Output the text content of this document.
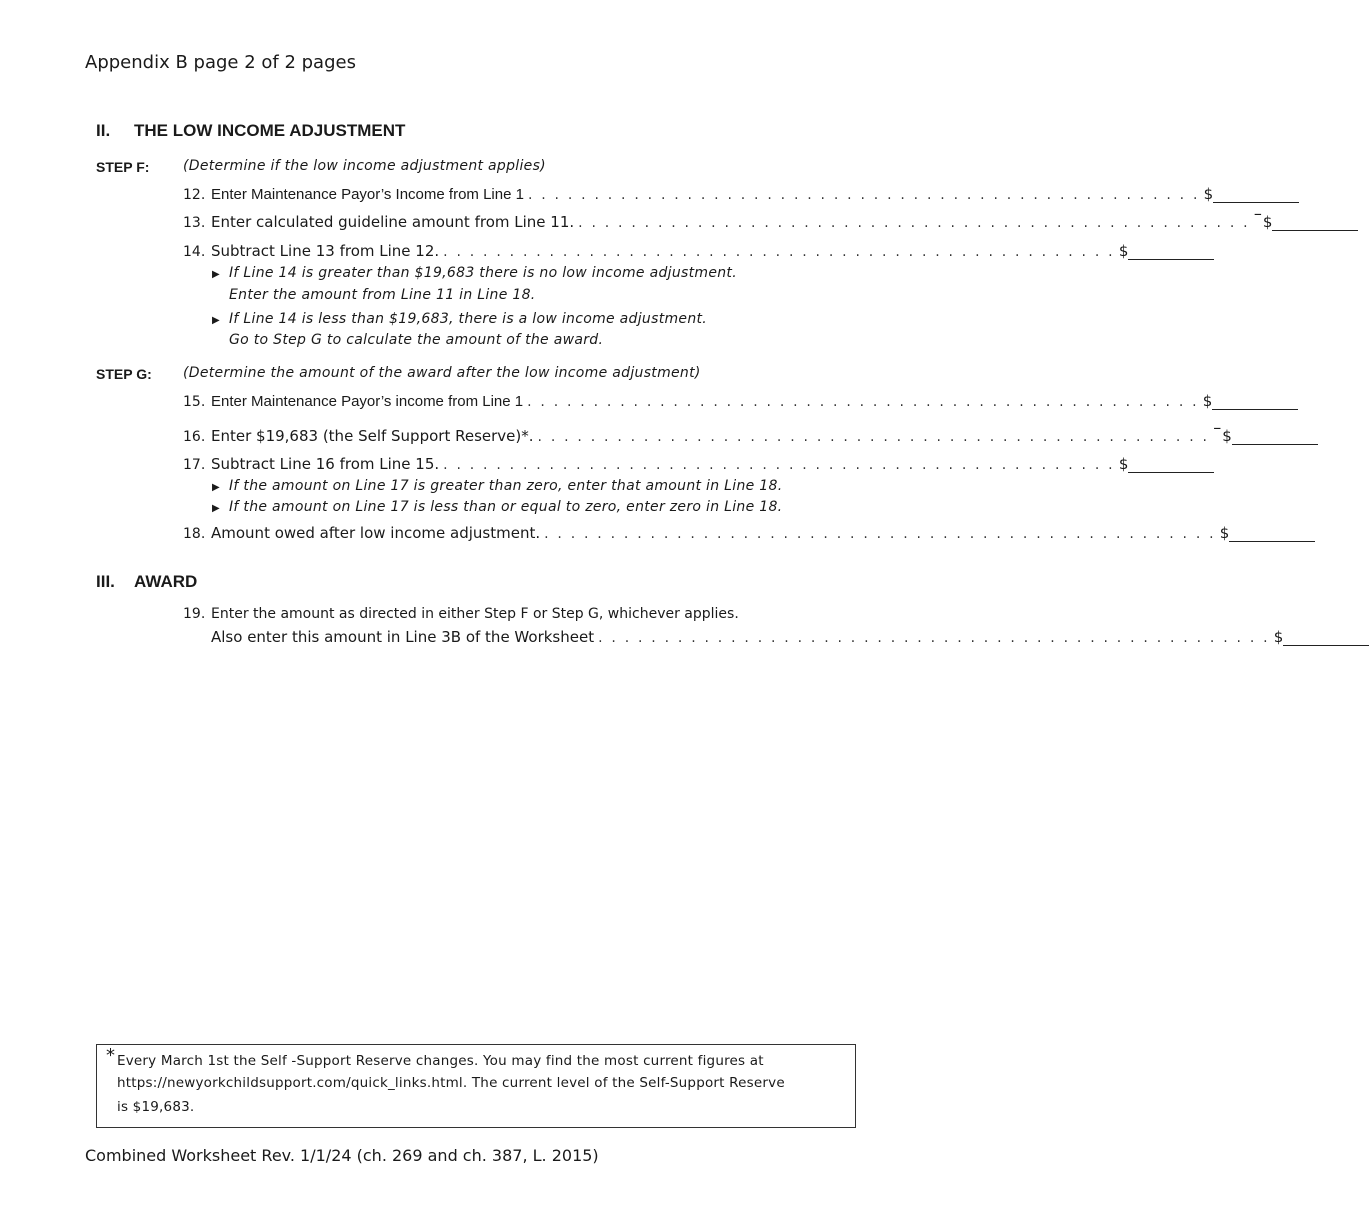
Appendix B page 2 of 2 pages
II. THE LOW INCOME ADJUSTMENT
STEP F: (Determine if the low income adjustment applies)
12. Enter Maintenance Payor’s Income from Line 1 . . . . . . . . . . . . . . . . . . . . . . . . . . . . . . . . . . . . . . . . . . . . . . . . . . . $
13. Enter calculated guideline amount from Line 11. . . . . . . . . . . . . . . . . . . . . . . . . . . . . . . . . . . . . . . . . . . . . . . . . . . . – $
14. Subtract Line 13 from Line 12. . . . . . . . . . . . . . . . . . . . . . . . . . . . . . . . . . . . . . . . . . . . . . . . . . . . $
▶ If Line 14 is greater than $19,683 there is no low income adjustment.
Enter the amount from Line 11 in Line 18.
▶ If Line 14 is less than $19,683, there is a low income adjustment.
Go to Step G to calculate the amount of the award.
STEP G: (Determine the amount of the award after the low income adjustment)
15. Enter Maintenance Payor’s income from Line 1 . . . . . . . . . . . . . . . . . . . . . . . . . . . . . . . . . . . . . . . . . . . . . . . . . . . $
16. Enter $19,683 (the Self Support Reserve)*. . . . . . . . . . . . . . . . . . . . . . . . . . . . . . . . . . . . . . . . . . . . . . . . . . . . – $
17. Subtract Line 16 from Line 15. . . . . . . . . . . . . . . . . . . . . . . . . . . . . . . . . . . . . . . . . . . . . . . . . . . . $
▶ If the amount on Line 17 is greater than zero, enter that amount in Line 18.
▶ If the amount on Line 17 is less than or equal to zero, enter zero in Line 18.
18. Amount owed after low income adjustment. . . . . . . . . . . . . . . . . . . . . . . . . . . . . . . . . . . . . . . . . . . . . . . . . . . . $
III. AWARD
19. Enter the amount as directed in either Step F or Step G, whichever applies.
Also enter this amount in Line 3B of the Worksheet . . . . . . . . . . . . . . . . . . . . . . . . . . . . . . . . . . . . . . . . . . . . . . . . . . . $
* Every March 1st the Self -Support Reserve changes. You may find the most current figures at
https://newyorkchildsupport.com/quick_links.html. The current level of the Self-Support Reserve
is $19,683.
Combined Worksheet Rev. 1/1/24 (ch. 269 and ch. 387, L. 2015)
